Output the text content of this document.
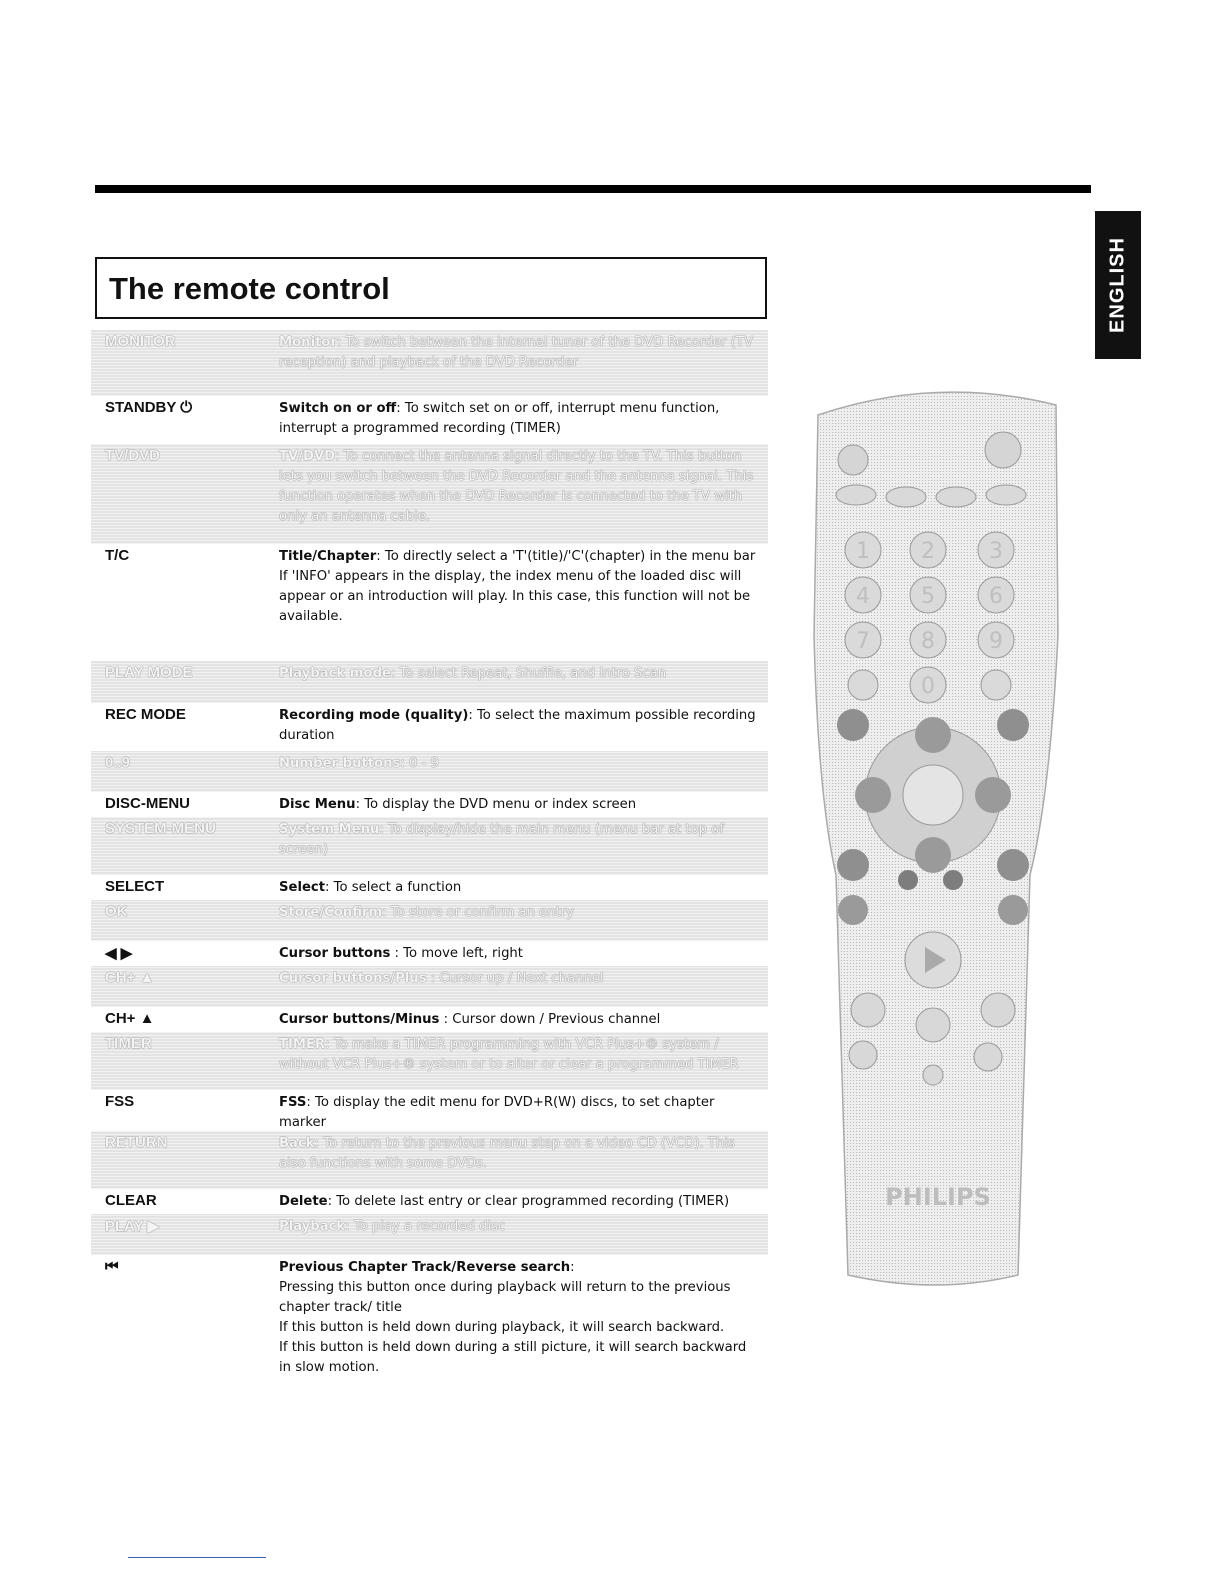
ENGLISH
The remote control
MONITOR	Monitor: To switch between the internal tuner of the DVD Recorder (TV reception) and playback of the DVD Recorder
STANDBY ⏻	Switch on or off: To switch set on or off, interrupt menu function, interrupt a programmed recording (TIMER)
TV/DVD	TV/DVD: To connect the antenna signal directly to the TV. This button lets you switch between the DVD Recorder and the antenna signal. This function operates when the DVD Recorder is connected to the TV with only an antenna cable.
T/C	Title/Chapter: To directly select a 'T'(title)/'C'(chapter) in the menu bar
If 'INFO' appears in the display, the index menu of the loaded disc will appear or an introduction will play. In this case, this function will not be available.
PLAY MODE	Playback mode: To select Repeat, Shuffle, and Intro Scan
REC MODE	Recording mode (quality): To select the maximum possible recording duration
0..9	Number buttons: 0 - 9
DISC-MENU	Disc Menu: To display the DVD menu or index screen
SYSTEM-MENU	System Menu: To display/hide the main menu (menu bar at top of screen)
SELECT	Select: To select a function
OK	Store/Confirm: To store or confirm an entry
◀ ▶	Cursor buttons : To move left, right
CH+ ▲	Cursor buttons/Plus : Cursor up / Next channel
CH+ ▲	Cursor buttons/Minus : Cursor down / Previous channel
TIMER	TIMER: To make a TIMER programming with VCR Plus+® system / without VCR Plus+® system or to alter or clear a programmed TIMER
FSS	FSS: To display the edit menu for DVD+R(W) discs, to set chapter marker
RETURN	Back: To return to the previous menu step on a video CD (VCD). This also functions with some DVDs.
CLEAR	Delete: To delete last entry or clear programmed recording (TIMER)
PLAY ▶	Playback: To play a recorded disc
⏮	Previous Chapter Track/Reverse search:
Pressing this button once during playback will return to the previous chapter track/ title
If this button is held down during playback, it will search backward.
If this button is held down during a still picture, it will search backward in slow motion.
1 2 3
4 5 6
7 8 9
0
PHILIPS
